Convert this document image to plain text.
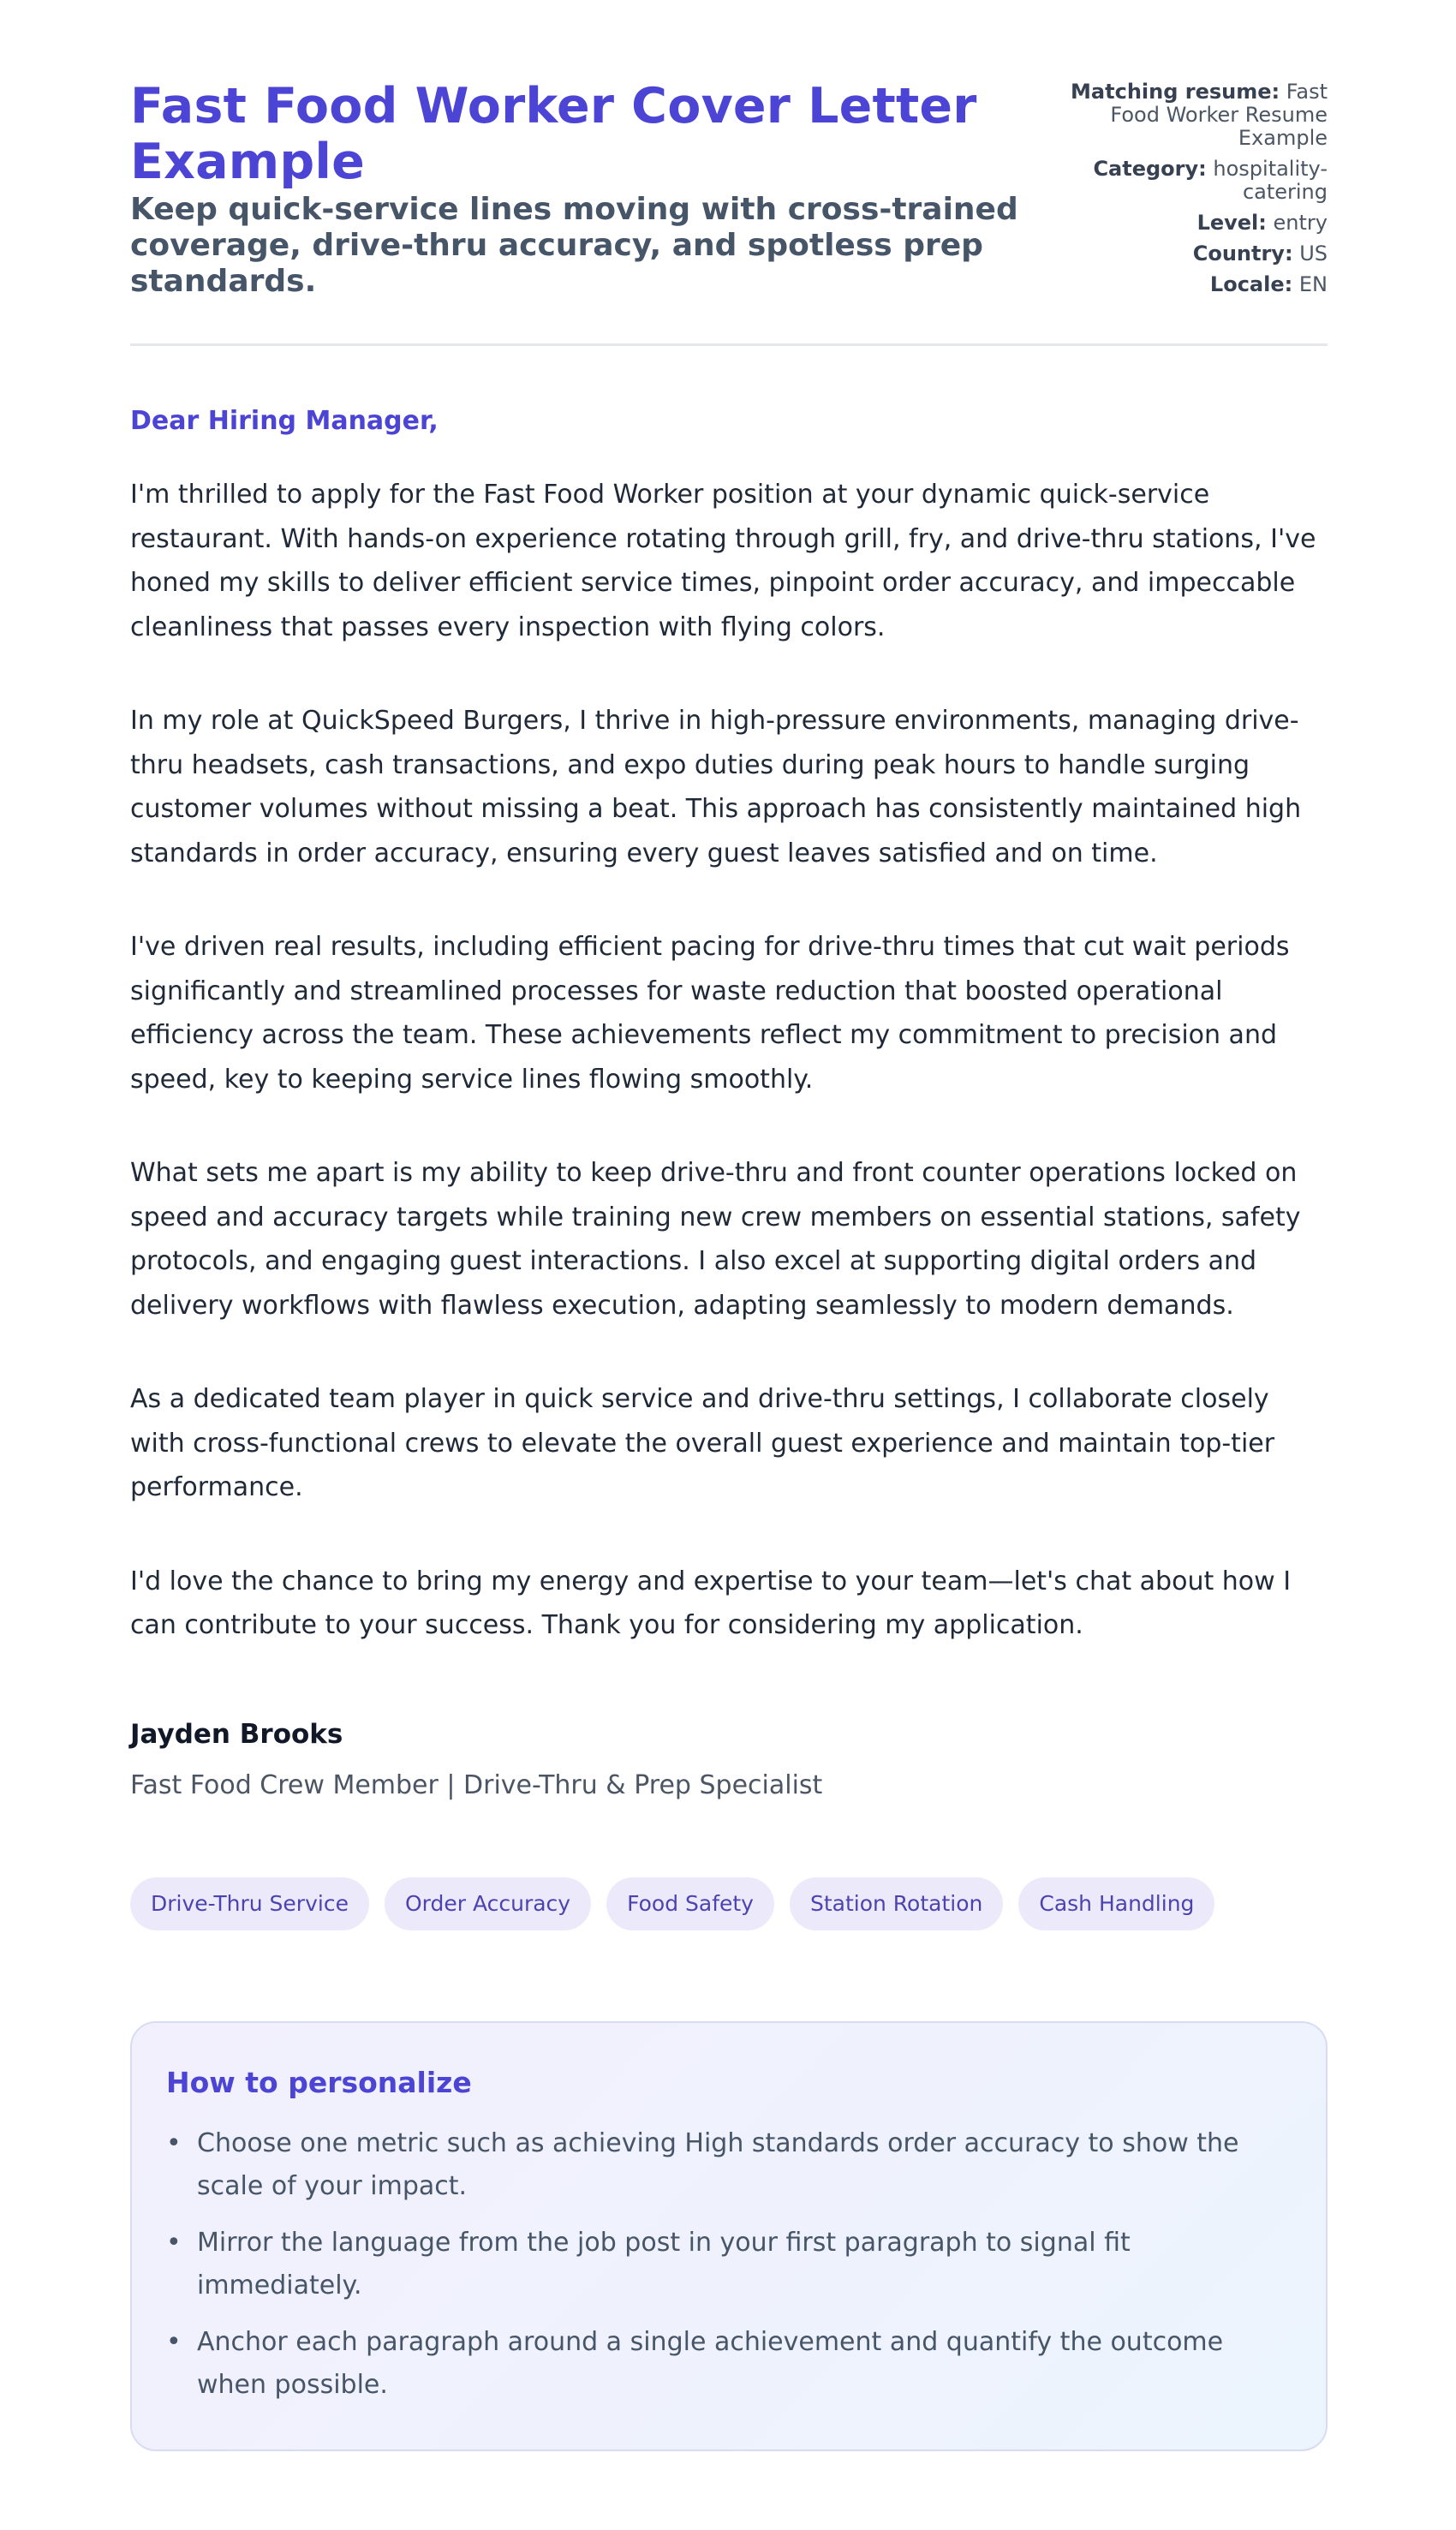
Fast Food Worker Cover Letter Example
Keep quick-service lines moving with cross-trained coverage, drive-thru accuracy, and spotless prep standards.
Matching resume: Fast Food Worker Resume Example
Category: hospitality-catering
Level: entry
Country: US
Locale: EN

Dear Hiring Manager,

I'm thrilled to apply for the Fast Food Worker position at your dynamic quick-service restaurant. With hands-on experience rotating through grill, fry, and drive-thru stations, I've honed my skills to deliver efficient service times, pinpoint order accuracy, and impeccable cleanliness that passes every inspection with flying colors.

In my role at QuickSpeed Burgers, I thrive in high-pressure environments, managing drive-thru headsets, cash transactions, and expo duties during peak hours to handle surging customer volumes without missing a beat. This approach has consistently maintained high standards in order accuracy, ensuring every guest leaves satisfied and on time.

I've driven real results, including efficient pacing for drive-thru times that cut wait periods significantly and streamlined processes for waste reduction that boosted operational efficiency across the team. These achievements reflect my commitment to precision and speed, key to keeping service lines flowing smoothly.

What sets me apart is my ability to keep drive-thru and front counter operations locked on speed and accuracy targets while training new crew members on essential stations, safety protocols, and engaging guest interactions. I also excel at supporting digital orders and delivery workflows with flawless execution, adapting seamlessly to modern demands.

As a dedicated team player in quick service and drive-thru settings, I collaborate closely with cross-functional crews to elevate the overall guest experience and maintain top-tier performance.

I'd love the chance to bring my energy and expertise to your team—let's chat about how I can contribute to your success. Thank you for considering my application.

Jayden Brooks

Fast Food Crew Member | Drive-Thru & Prep Specialist

Drive-Thru Service	Order Accuracy	Food Safety	Station Rotation	Cash Handling
How to personalize
• Choose one metric such as achieving High standards order accuracy to show the scale of your impact.
• Mirror the language from the job post in your first paragraph to signal fit immediately.
• Anchor each paragraph around a single achievement and quantify the outcome when possible.
